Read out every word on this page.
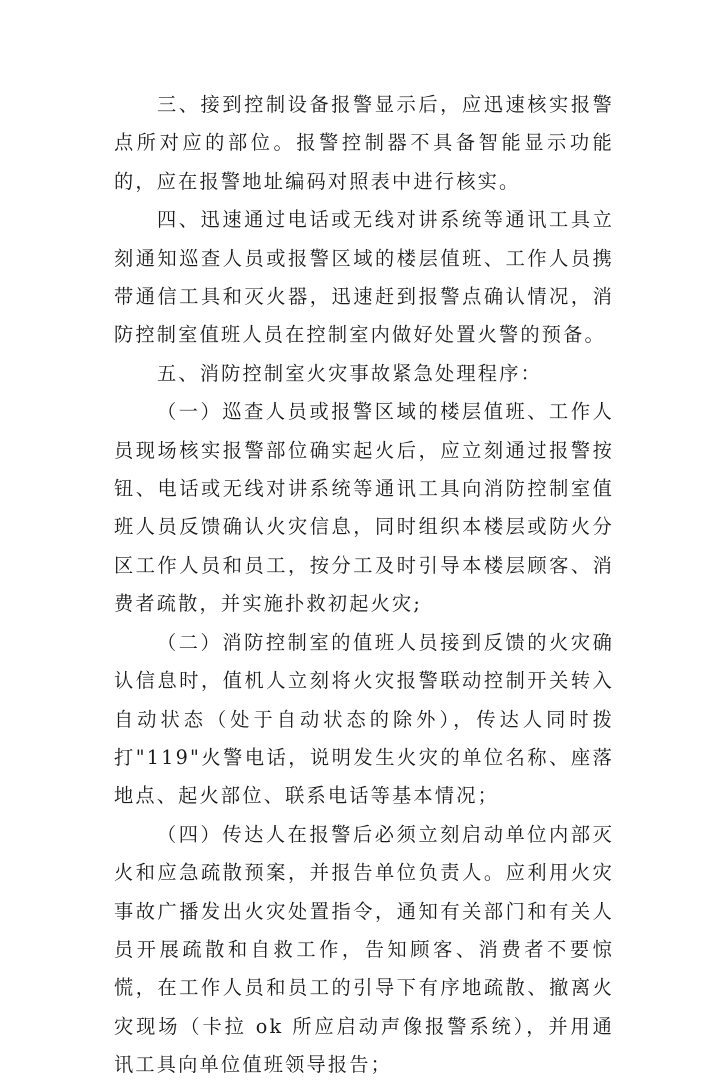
三、接到控制设备报警显示后，应迅速核实报警点所对应的部位。报警控制器不具备智能显示功能的，应在报警地址编码对照表中进行核实。

四、迅速通过电话或无线对讲系统等通讯工具立刻通知巡查人员或报警区域的楼层值班、工作人员携带通信工具和灭火器，迅速赶到报警点确认情况，消防控制室值班人员在控制室内做好处置火警的预备。

五、消防控制室火灾事故紧急处理程序：

（一）巡查人员或报警区域的楼层值班、工作人员现场核实报警部位确实起火后，应立刻通过报警按钮、电话或无线对讲系统等通讯工具向消防控制室值班人员反馈确认火灾信息，同时组织本楼层或防火分区工作人员和员工，按分工及时引导本楼层顾客、消费者疏散，并实施扑救初起火灾;

（二）消防控制室的值班人员接到反馈的火灾确认信息时，值机人立刻将火灾报警联动控制开关转入自动状态（处于自动状态的除外），传达人同时拨打"119"火警电话，说明发生火灾的单位名称、座落地点、起火部位、联系电话等基本情况；

（四）传达人在报警后必须立刻启动单位内部灭火和应急疏散预案，并报告单位负责人。应利用火灾事故广播发出火灾处置指令，通知有关部门和有关人员开展疏散和自救工作，告知顾客、消费者不要惊慌，在工作人员和员工的引导下有序地疏散、撤离火灾现场（卡拉 ok 所应启动声像报警系统），并用通讯工具向单位值班领导报告；
